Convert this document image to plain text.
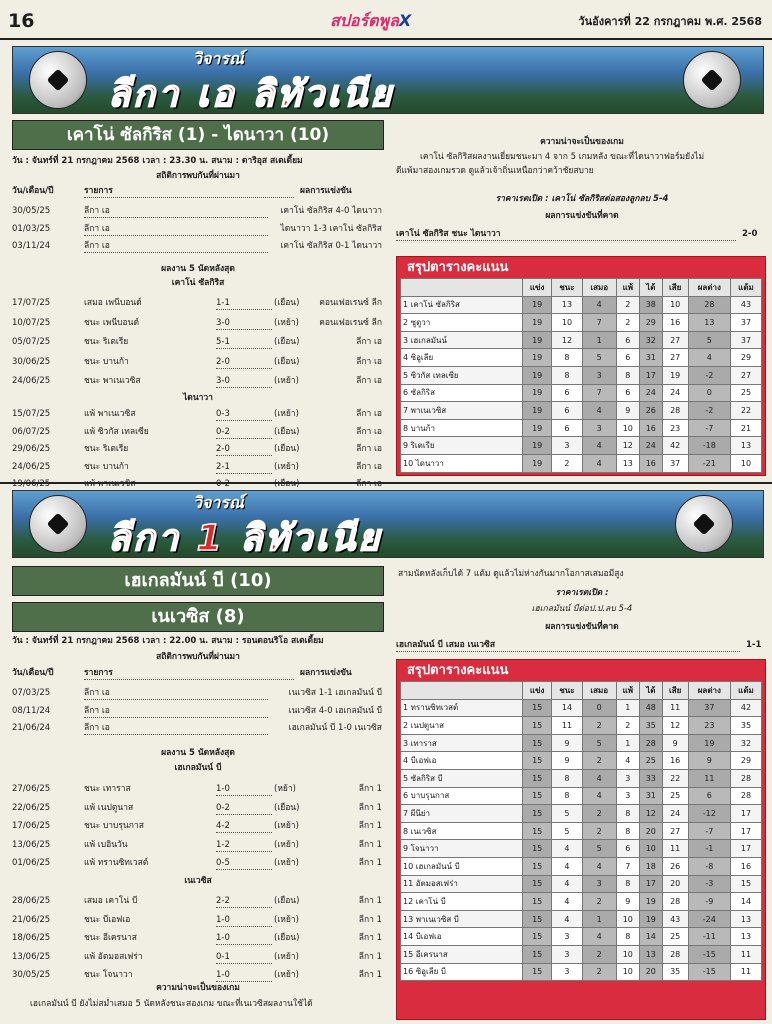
16	สปอร์ตพูลX	วันอังคารที่ 22 กรกฎาคม พ.ศ. 2568
วิจารณ์
ลีกา เอ ลิทัวเนีย
เคาโน่ ซัลกิริส (1) - ไดนาวา (10)
วัน : จันทร์ที่ 21 กรกฎาคม 2568 เวลา : 23.30 น. สนาม : ดาริอุส สเตเดี้ยม
สถิติการพบกันที่ผ่านมา
วัน/เดือน/ปี	รายการ	ผลการแข่งขัน
30/05/25	ลีกา เอ	เคาโน่ ซัลกิริส 4-0 ไดนาวา
01/03/25	ลีกา เอ	ไดนาวา 1-3 เคาโน่ ซัลกิริส
03/11/24	ลีกา เอ	เคาโน่ ซัลกิริส 0-1 ไดนาวา
ผลงาน 5 นัดหลังสุด
เคาโน่ ซัลกิริส
17/07/25	เสมอ เพนีบอนด์	1-1	(เยือน) คอนเฟอเรนซ์ ลีก
10/07/25	ชนะ เพนีบอนด์	3-0	(เหย้า) คอนเฟอเรนซ์ ลีก
05/07/25	ชนะ ริเตเรีย	5-1	(เยือน)	ลีกา เอ
30/06/25	ชนะ บานก้า	2-0	(เยือน)	ลีกา เอ
24/06/25	ชนะ พาเนเวซิส	3-0	(เหย้า)	ลีกา เอ
ไดนาวา
15/07/25	แพ้ พาเนเวซิส	0-3	(เหย้า)	ลีกา เอ
06/07/25	แพ้ ซิวกัส เทลเซีย	0-2	(เยือน)	ลีกา เอ
29/06/25	ชนะ ริเตเรีย	2-0	(เยือน)	ลีกา เอ
24/06/25	ชนะ บานก้า	2-1	(เหย้า)	ลีกา เอ
19/06/25	แพ้ พาเนเวซิส	0-2	(เยือน)	ลีกา เอ
ความน่าจะเป็นของเกม
เคาโน่ ซัลกิริสผลงานเยี่ยมชนะมา 4 จาก 5 เกมหลัง ขณะที่ไดนาวาฟอร์มยังไม่
ดีแพ้มาสองเกมรวด ดูแล้วเจ้าถิ่นเหนือกว่าคว้าชัยสบาย
ราคาเรตเปิด : เคาโน่ ซัลกิริสต่อสองลูกลบ 5-4
ผลการแข่งขันที่คาด
เคาโน่ ซัลกิริส ชนะ ไดนาวา	2-0
สรุปตารางคะแนน
	แข่ง	ชนะ	เสมอ	แพ้	ได้	เสีย	ผลต่าง	แต้ม
1 เคาโน่ ซัลกิริส	19	13	4	2	38	10	28	43
2 ซูดูวา	19	10	7	2	29	16	13	37
3 เฮเกลมันน์	19	12	1	6	32	27	5	37
4 ซิอูเลีย	19	8	5	6	31	27	4	29
5 ซิวกัส เทลเซีย	19	8	3	8	17	19	-2	27
6 ซัลกิริส	19	6	7	6	24	24	0	25
7 พาเนเวซิส	19	6	4	9	26	28	-2	22
8 บานก้า	19	6	3	10	16	23	-7	21
9 ริเตเรีย	19	3	4	12	24	42	-18	13
10 ไดนาวา	19	2	4	13	16	37	-21	10
วิจารณ์
ลีกา 1 ลิทัวเนีย
เฮเกลมันน์ บี (10)
เนเวซิส (8)
วัน : จันทร์ที่ 21 กรกฎาคม 2568 เวลา : 22.00 น. สนาม : รอนดอนริโอ สเตเดี้ยม
สถิติการพบกันที่ผ่านมา
วัน/เดือน/ปี	รายการ	ผลการแข่งขัน
07/03/25	ลีกา เอ	เนเวซิส 1-1 เฮเกลมันน์ บี
08/11/24	ลีกา เอ	เนเวซิส 4-0 เฮเกลมันน์ บี
21/06/24	ลีกา เอ	เฮเกลมันน์ บี 1-0 เนเวซิส
ผลงาน 5 นัดหลังสุด
เฮเกลมันน์ บี
27/06/25	ชนะ เทาราส	1-0	(หย้า)	ลีกา 1
22/06/25	แพ้ เนปตูนาส	0-2	(เยือน)	ลีกา 1
17/06/25	ชนะ บาบรุนกาส	4-2	(เหย้า)	ลีกา 1
13/06/25	แพ้ เบอินวัน	1-2	(เหย้า)	ลีกา 1
01/06/25	แพ้ ทรานซิทเวสต์	0-5	(เหย้า)	ลีกา 1
เนเวซิส
28/06/25	เสมอ เคาโน่ บี	2-2	(เยือน)	ลีกา 1
21/06/25	ชนะ บีเอฟเอ	1-0	(เหย้า)	ลีกา 1
18/06/25	ชนะ อีเครนาส	1-0	(เยือน)	ลีกา 1
13/06/25	แพ้ อัตมอสเฟร่า	0-1	(เหย้า)	ลีกา 1
30/05/25	ชนะ โจนาวา	1-0	(เหย้า)	ลีกา 1
ความน่าจะเป็นของเกม
เฮเกลมันน์ บี ยังไม่สม่ำเสมอ 5 นัดหลังชนะสองเกม ขณะที่เนเวซิสผลงานใช้ได้
สามนัดหลังเก็บได้ 7 แต้ม ดูแล้วไม่ห่างกันมากโอกาสเสมอมีสูง
ราคาเรตเปิด :
เฮเกลมันน์ บีต่อป.ป.ลบ 5-4
ผลการแข่งขันที่คาด
เฮเกลมันน์ บี เสมอ เนเวซิส	1-1
สรุปตารางคะแนน
	แข่ง	ชนะ	เสมอ	แพ้	ได้	เสีย	ผลต่าง	แต้ม
1 ทรานซิทเวสต์	15	14	0	1	48	11	37	42
2 เนปตูนาส	15	11	2	2	35	12	23	35
3 เทาราส	15	9	5	1	28	9	19	32
4 บีเอฟเอ	15	9	2	4	25	16	9	29
5 ซัลกิริส บี	15	8	4	3	33	22	11	28
6 บาบรุนกาส	15	8	4	3	31	25	6	28
7 ผีนีย่า	15	5	2	8	12	24	-12	17
8 เนเวซิส	15	5	2	8	20	27	-7	17
9 โจนาวา	15	4	5	6	10	11	-1	17
10 เฮเกลมันน์ บี	15	4	4	7	18	26	-8	16
11 อัตมอสเฟร่า	15	4	3	8	17	20	-3	15
12 เคาโน่ บี	15	4	2	9	19	28	-9	14
13 พาเนเวซิส บี	15	4	1	10	19	43	-24	13
14 บีเอฟเอ	15	3	4	8	14	25	-11	13
15 อีเครนาส	15	3	2	10	13	28	-15	11
16 ซิอูเลีย บี	15	3	2	10	20	35	-15	11
